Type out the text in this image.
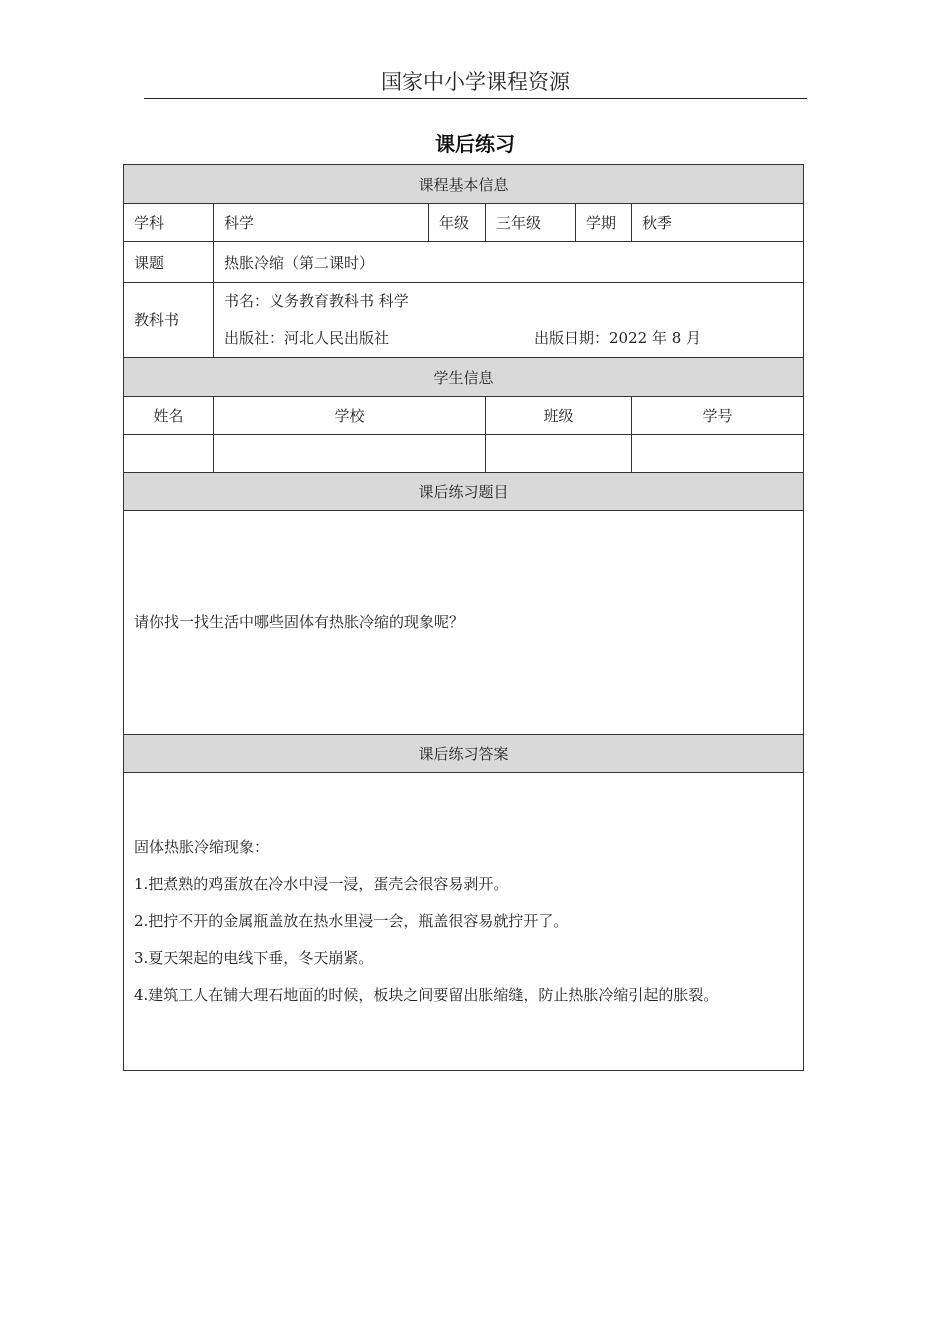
国家中小学课程资源
课后练习
课程基本信息					
学科	科学	年级	三年级	学期	秋季
课题	热胀冷缩（第二课时）				

教科书	书名：义务教育教科书 科学
出版社：河北人民出版社 出版日期：2022 年 8 月				

学生信息					
姓名	学校		班级		学号

课后练习题目					

请你找一找生活中哪些固体有热胀冷缩的现象呢？					

课后练习答案					

固体热胀冷缩现象：
1.把煮熟的鸡蛋放在冷水中浸一浸，蛋壳会很容易剥开。
2.把拧不开的金属瓶盖放在热水里浸一会，瓶盖很容易就拧开了。
3.夏天架起的电线下垂，冬天崩紧。
4.建筑工人在铺大理石地面的时候，板块之间要留出胀缩缝，防止热胀冷缩引起的胀裂。					
